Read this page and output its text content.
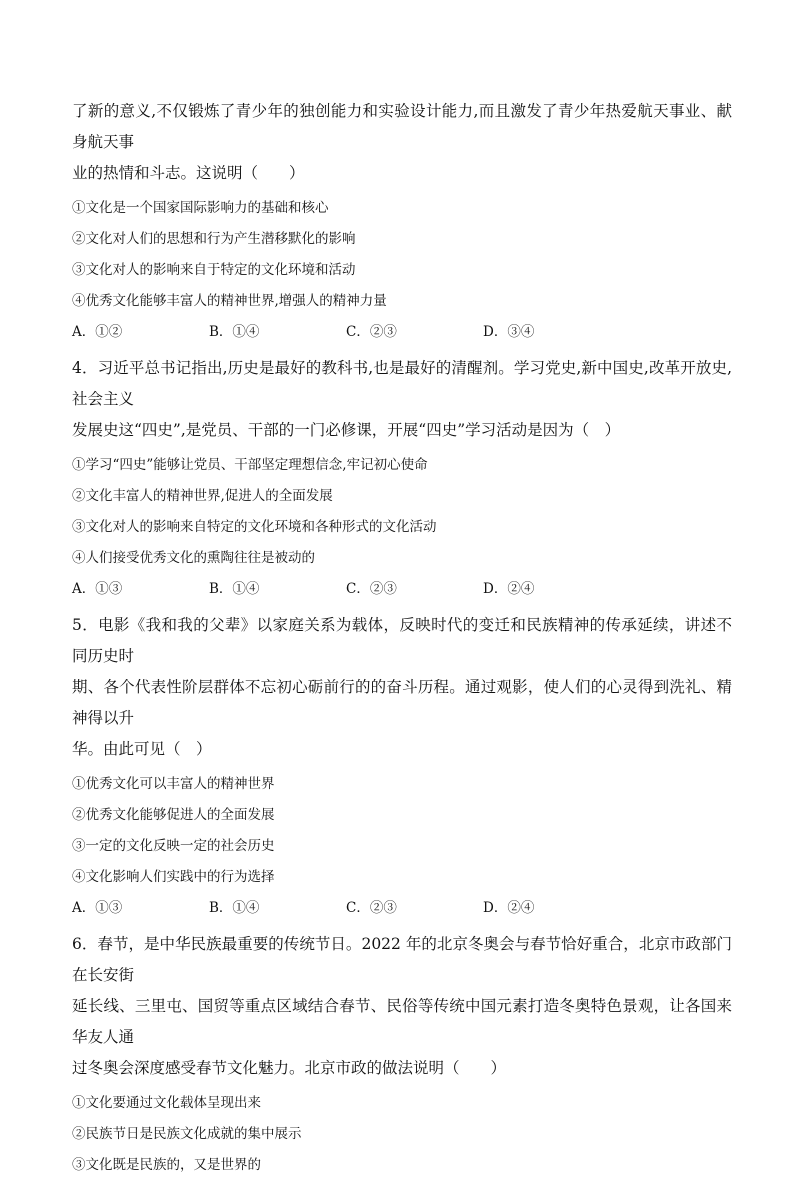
了新的意义,不仅锻炼了青少年的独创能力和实验设计能力,而且激发了青少年热爱航天事业、献身航天事

业的热情和斗志。这说明（　　）

①文化是一个国家国际影响力的基础和核心

②文化对人们的思想和行为产生潜移默化的影响

③文化对人的影响来自于特定的文化环境和活动

④优秀文化能够丰富人的精神世界,增强人的精神力量

A．①②	B．①④	C．②③	D．③④

4．习近平总书记指出,历史是最好的教科书,也是最好的清醒剂。学习党史,新中国史,改革开放史,社会主义

发展史这“四史”,是党员、干部的一门必修课，开展“四史”学习活动是因为（　）

①学习“四史”能够让党员、干部坚定理想信念,牢记初心使命

②文化丰富人的精神世界,促进人的全面发展

③文化对人的影响来自特定的文化环境和各种形式的文化活动

④人们接受优秀文化的熏陶往往是被动的

A．①③	B．①④	C．②③	D．②④

5．电影《我和我的父辈》以家庭关系为载体，反映时代的变迁和民族精神的传承延续，讲述不同历史时

期、各个代表性阶层群体不忘初心砺前行的的奋斗历程。通过观影，使人们的心灵得到洗礼、精神得以升

华。由此可见（　）

①优秀文化可以丰富人的精神世界

②优秀文化能够促进人的全面发展

③一定的文化反映一定的社会历史

④文化影响人们实践中的行为选择

A．①③	B．①④	C．②③	D．②④

6．春节，是中华民族最重要的传统节日。2022 年的北京冬奥会与春节恰好重合，北京市政部门在长安街

延长线、三里屯、国贸等重点区域结合春节、民俗等传统中国元素打造冬奥特色景观，让各国来华友人通

过冬奥会深度感受春节文化魅力。北京市政的做法说明（　　）

①文化要通过文化载体呈现出来

②民族节日是民族文化成就的集中展示

③文化既是民族的，又是世界的
